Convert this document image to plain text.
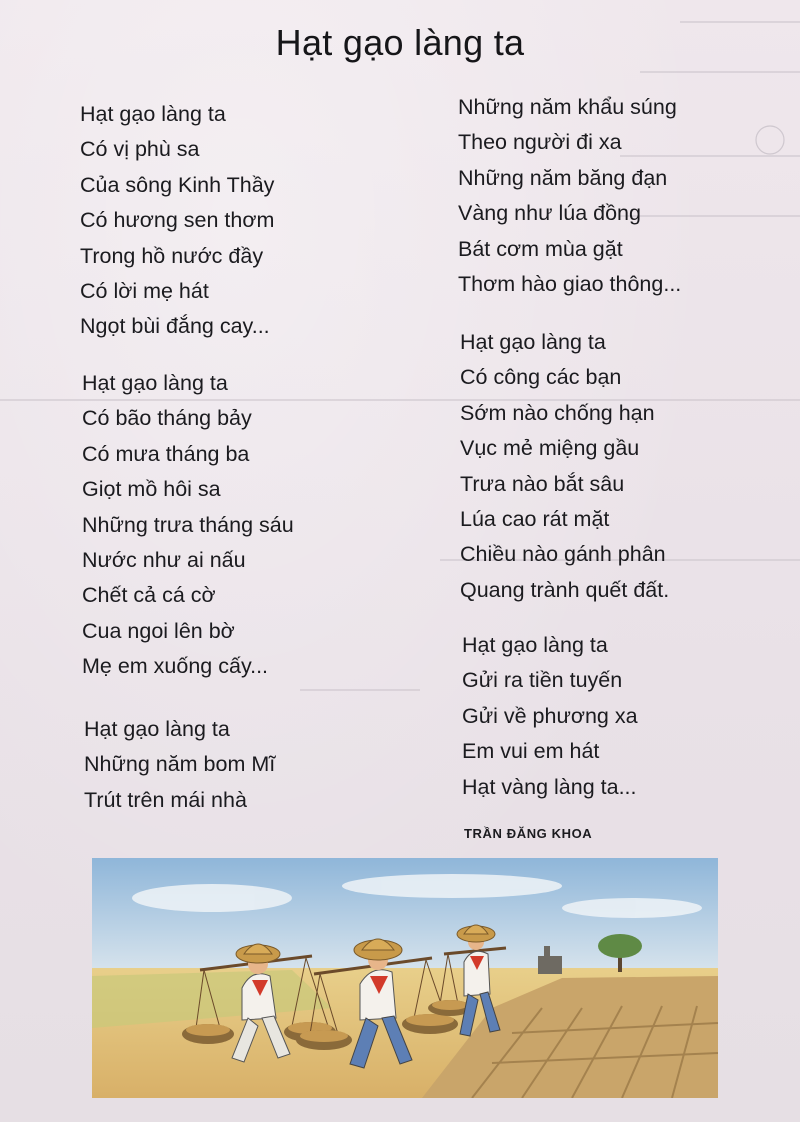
Hạt gạo làng ta
Hạt gạo làng ta
Có vị phù sa
Của sông Kinh Thầy
Có hương sen thơm
Trong hồ nước đầy
Có lời mẹ hát
Ngọt bùi đắng cay...
Hạt gạo làng ta
Có bão tháng bảy
Có mưa tháng ba
Giọt mồ hôi sa
Những trưa tháng sáu
Nước như ai nấu
Chết cả cá cờ
Cua ngoi lên bờ
Mẹ em xuống cấy...
Hạt gạo làng ta
Những năm bom Mĩ
Trút trên mái nhà
Những năm khẩu súng
Theo người đi xa
Những năm băng đạn
Vàng như lúa đồng
Bát cơm mùa gặt
Thơm hào giao thông...
Hạt gạo làng ta
Có công các bạn
Sớm nào chống hạn
Vục mẻ miệng gầu
Trưa nào bắt sâu
Lúa cao rát mặt
Chiều nào gánh phân
Quang trành quết đất.
Hạt gạo làng ta
Gửi ra tiền tuyến
Gửi về phương xa
Em vui em hát
Hạt vàng làng ta...
TRẦN ĐĂNG KHOA
